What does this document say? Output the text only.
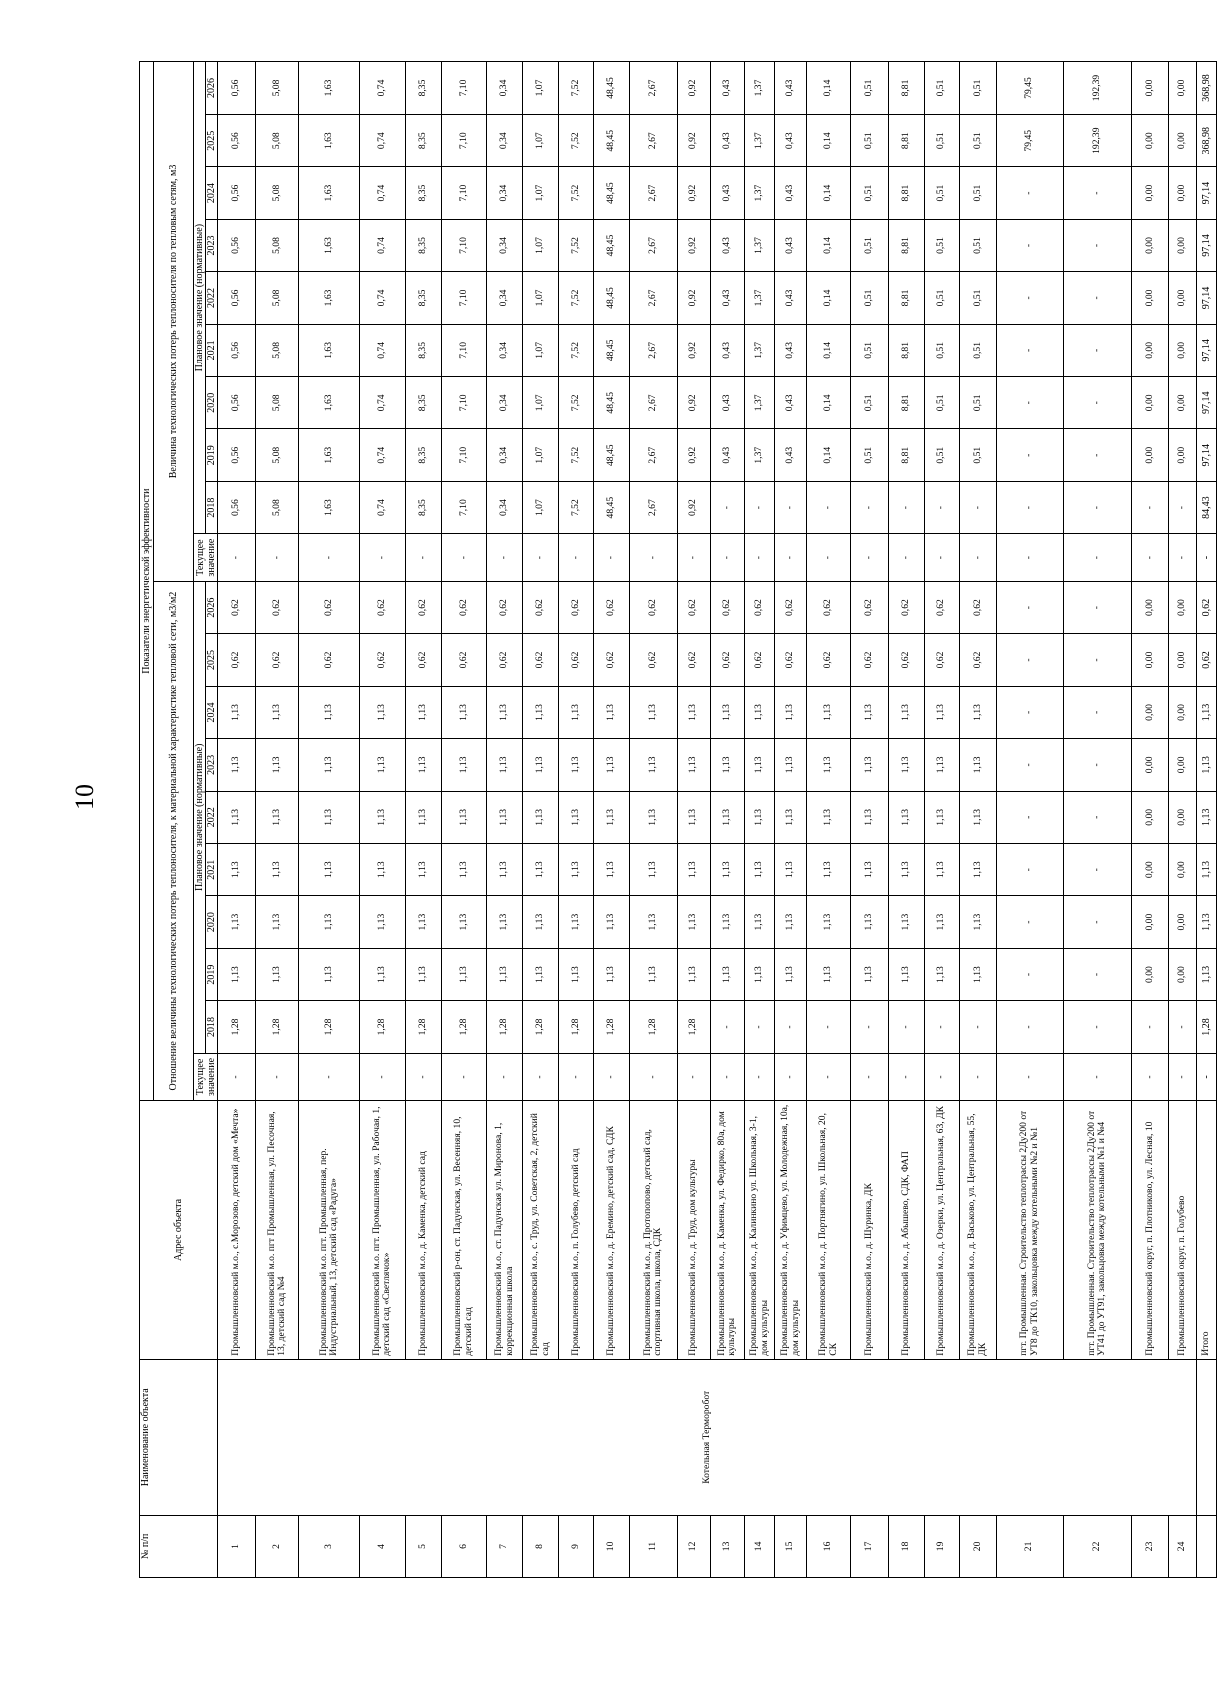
10
№ п/п	Наименование объекта	Адрес объекта	Показатели энергетической эффективности																			
			Отношение величины технологических потерь теплоносителя, к материальной характеристике тепловой сети, м3/м2										Величина технологических потерь теплоносителя по тепловым сетям, м3									
			Текущее значение	Плановое значение (нормативные)									Текущее значение	Плановое значение (нормативные)								
				2018	2019	2020	2021	2022	2023	2024	2025	2026		2018	2019	2020	2021	2022	2023	2024	2025	2026
1	Котельная Терморобот	Промышленновский м.о., с.Морозово, детский дом «Мечта»	-	1,28	1,13	1,13	1,13	1,13	1,13	1,13	0,62	0,62	-	0,56	0,56	0,56	0,56	0,56	0,56	0,56	0,56	0,56
2		Промышленновский м.о. пгт Промышленная, ул. Песочная, 13, детский сад №4	-	1,28	1,13	1,13	1,13	1,13	1,13	1,13	0,62	0,62	-	5,08	5,08	5,08	5,08	5,08	5,08	5,08	5,08	5,08
3		Промышленновский м.о. пгт. Промышленная, пер. Индустриальный, 13, детский сад «Радуга»	-	1,28	1,13	1,13	1,13	1,13	1,13	1,13	0,62	0,62	-	1,63	1,63	1,63	1,63	1,63	1,63	1,63	1,63	1,63
4		Промышленновский м.о. пгт. Промышленная, ул. Рабочая, 1, детский сад «Светлячок»	-	1,28	1,13	1,13	1,13	1,13	1,13	1,13	0,62	0,62	-	0,74	0,74	0,74	0,74	0,74	0,74	0,74	0,74	0,74
5		Промышленновский м.о., д. Каменка, детский сад	-	1,28	1,13	1,13	1,13	1,13	1,13	1,13	0,62	0,62	-	8,35	8,35	8,35	8,35	8,35	8,35	8,35	8,35	8,35
6		Промышленновский р-он, ст. Падунская, ул. Весенняя, 10, детский сад	-	1,28	1,13	1,13	1,13	1,13	1,13	1,13	0,62	0,62	-	7,10	7,10	7,10	7,10	7,10	7,10	7,10	7,10	7,10
7		Промышленновский м.о., ст. Падунская ул. Миронова, 1, коррекционная школа	-	1,28	1,13	1,13	1,13	1,13	1,13	1,13	0,62	0,62	-	0,34	0,34	0,34	0,34	0,34	0,34	0,34	0,34	0,34
8		Промышленновский м.о., с. Труд, ул. Советская, 2, детский сад	-	1,28	1,13	1,13	1,13	1,13	1,13	1,13	0,62	0,62	-	1,07	1,07	1,07	1,07	1,07	1,07	1,07	1,07	1,07
9		Промышленновский м.о., п. Голубево, детский сад	-	1,28	1,13	1,13	1,13	1,13	1,13	1,13	0,62	0,62	-	7,52	7,52	7,52	7,52	7,52	7,52	7,52	7,52	7,52
10		Промышленновский м.о., д. Еремино, детский сад, СДК	-	1,28	1,13	1,13	1,13	1,13	1,13	1,13	0,62	0,62	-	48,45	48,45	48,45	48,45	48,45	48,45	48,45	48,45	48,45
11		Промышленновский м.о., д. Протопопово, детский сад, спортивная школа, школа, СДК	-	1,28	1,13	1,13	1,13	1,13	1,13	1,13	0,62	0,62	-	2,67	2,67	2,67	2,67	2,67	2,67	2,67	2,67	2,67
12		Промышленновский м.о., д. Труд, дом культуры	-	1,28	1,13	1,13	1,13	1,13	1,13	1,13	0,62	0,62	-	0,92	0,92	0,92	0,92	0,92	0,92	0,92	0,92	0,92
13		Промышленновский м.о., д. Каменка, ул. Федирко, 80а, дом культуры	-	-	1,13	1,13	1,13	1,13	1,13	1,13	0,62	0,62	-	-	0,43	0,43	0,43	0,43	0,43	0,43	0,43	0,43
14		Промышленновский м.о., д. Калинкино ул. Школьная, 3-1, дом культуры	-	-	1,13	1,13	1,13	1,13	1,13	1,13	0,62	0,62	-	-	1,37	1,37	1,37	1,37	1,37	1,37	1,37	1,37
15		Промышленновский м.о., д. Уфимцево, ул. Молодежная, 10а, дом культуры	-	-	1,13	1,13	1,13	1,13	1,13	1,13	0,62	0,62	-	-	0,43	0,43	0,43	0,43	0,43	0,43	0,43	0,43
16		Промышленновский м.о., д. Портнягино, ул. Школьная, 20, СК	-	-	1,13	1,13	1,13	1,13	1,13	1,13	0,62	0,62	-	-	0,14	0,14	0,14	0,14	0,14	0,14	0,14	0,14
17		Промышленновский м.о., д. Шуринка, ДК	-	-	1,13	1,13	1,13	1,13	1,13	1,13	0,62	0,62	-	-	0,51	0,51	0,51	0,51	0,51	0,51	0,51	0,51
18		Промышленновский м.о., д. Абышево, СДК, ФАП	-	-	1,13	1,13	1,13	1,13	1,13	1,13	0,62	0,62	-	-	8,81	8,81	8,81	8,81	8,81	8,81	8,81	8,81
19		Промышленновский м.о., д. Озерки, ул. Центральная, 63, ДК	-	-	1,13	1,13	1,13	1,13	1,13	1,13	0,62	0,62	-	-	0,51	0,51	0,51	0,51	0,51	0,51	0,51	0,51
20		Промышленновский м.о., д. Васьково, ул. Центральная, 55, ДК	-	-	1,13	1,13	1,13	1,13	1,13	1,13	0,62	0,62	-	-	0,51	0,51	0,51	0,51	0,51	0,51	0,51	0,51
21		пгт. Промышленная. Строительство теплотрассы 2Дy200 от УТ8 до ТК10, закольцовка между котельными №2 и №1	-	-	-	-	-	-	-	-	-	-	-	-	-	-	-	-	-	-	79,45	79,45
22		пгт. Промышленная. Строительство теплотрассы 2Дy200 от УТ41 до УТ91, закольцовка между котельными №1 и №4	-	-	-	-	-	-	-	-	-	-	-	-	-	-	-	-	-	-	192,39	192,39
23		Промышленновский округ, п. Плотниково, ул. Лесная, 10	-	-	0,00	0,00	0,00	0,00	0,00	0,00	0,00	0,00	-	-	0,00	0,00	0,00	0,00	0,00	0,00	0,00	0,00
24		Промышленновский округ, п. Голубево	-	-	0,00	0,00	0,00	0,00	0,00	0,00	0,00	0,00	-	-	0,00	0,00	0,00	0,00	0,00	0,00	0,00	0,00
		Итого	-	1,28	1,13	1,13	1,13	1,13	1,13	1,13	0,62	0,62	-	84,43	97,14	97,14	97,14	97,14	97,14	97,14	368,98	368,98
